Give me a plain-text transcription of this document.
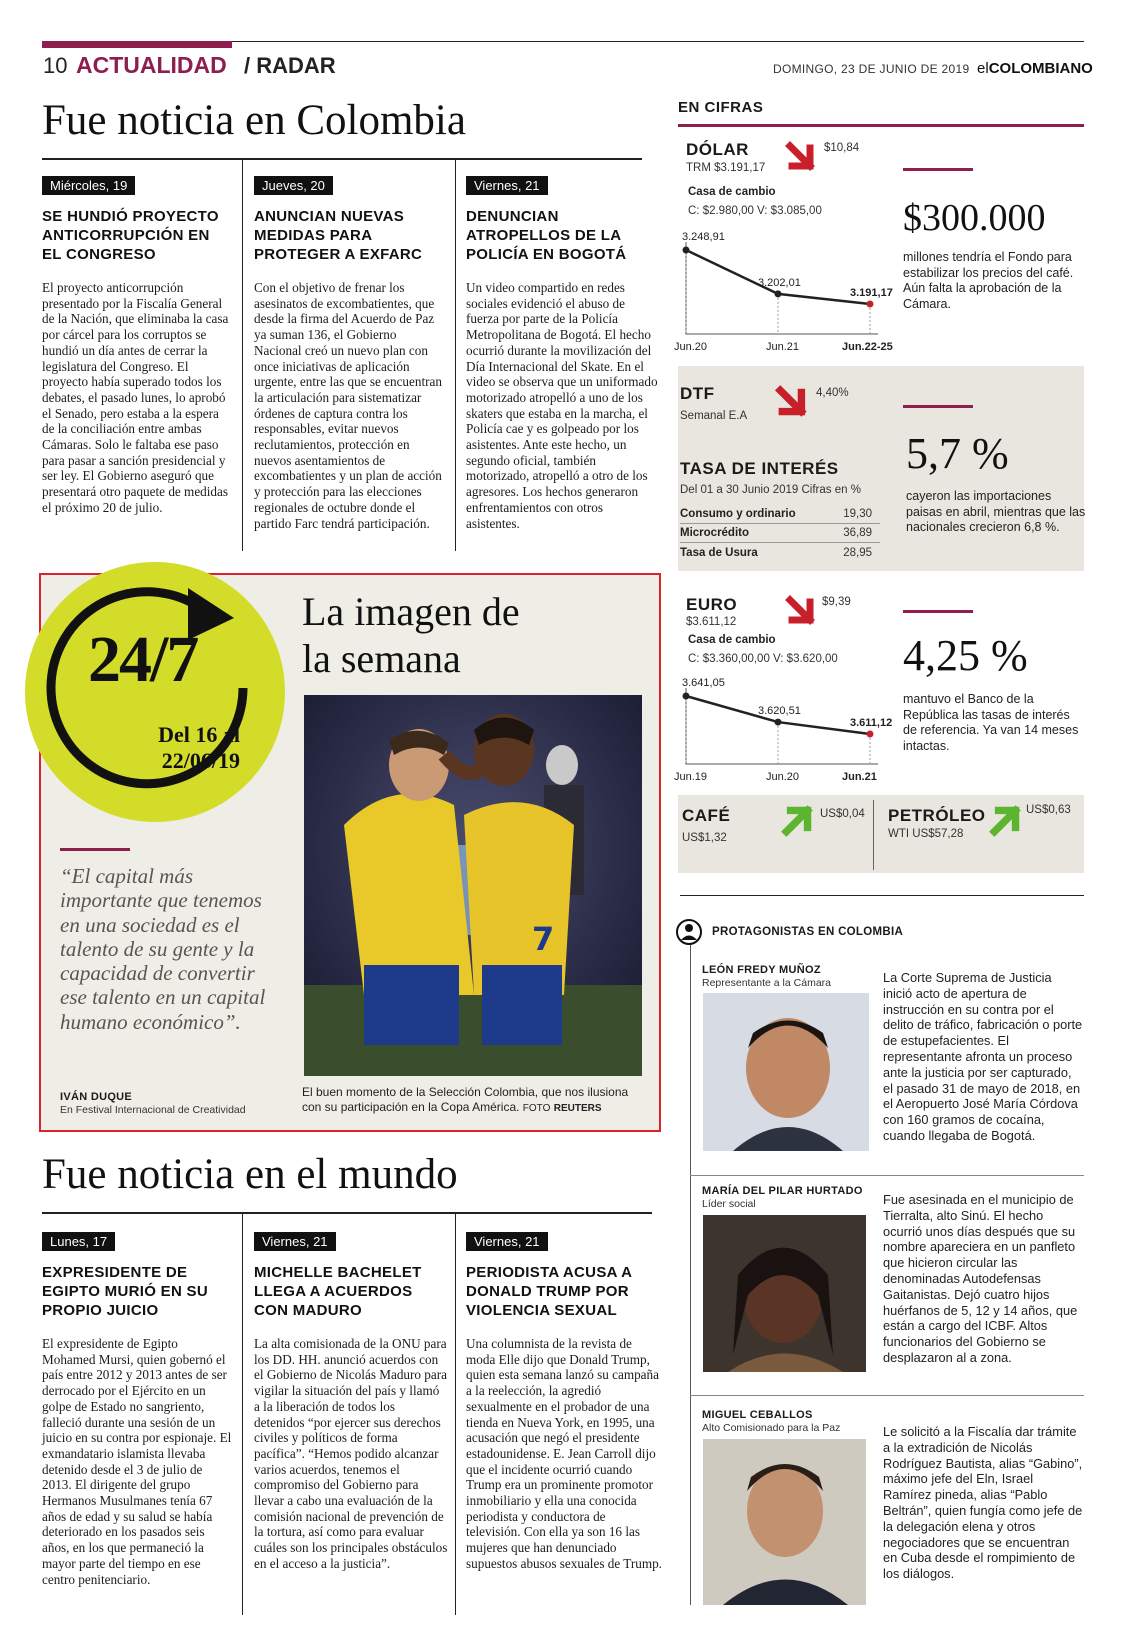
10 ACTUALIDAD / RADAR	DOMINGO, 23 DE JUNIO DE 2019 elCOLOMBIANO
Fue noticia en Colombia
Miércoles, 19
SE HUNDIÓ PROYECTO ANTICORRUPCIÓN EN EL CONGRESO
El proyecto anticorrupción presentado por la Fiscalía General de la Nación, que eliminaba la casa por cárcel para los corruptos se hundió un día antes de cerrar la legislatura del Congreso. El proyecto había superado todos los debates, el pasado lunes, lo aprobó el Senado, pero estaba a la espera de la conciliación entre ambas Cámaras. Solo le faltaba ese paso para pasar a sanción presidencial y ser ley. El Gobierno aseguró que presentará otro paquete de medidas el próximo 20 de julio.
Jueves, 20
ANUNCIAN NUEVAS MEDIDAS PARA PROTEGER A EXFARC
Con el objetivo de frenar los asesinatos de excombatientes, que desde la firma del Acuerdo de Paz ya suman 136, el Gobierno Nacional creó un nuevo plan con once iniciativas de aplicación urgente, entre las que se encuentran la articulación para sistematizar órdenes de captura contra los responsables, evitar nuevos reclutamientos, protección en nuevos asentamientos de excombatientes y un plan de acción y protección para las elecciones regionales de octubre donde el partido Farc tendrá participación.
Viernes, 21
DENUNCIAN ATROPELLOS DE LA POLICÍA EN BOGOTÁ
Un video compartido en redes sociales evidenció el abuso de fuerza por parte de la Policía Metropolitana de Bogotá. El hecho ocurrió durante la movilización del Día Internacional del Skate. En el video se observa que un uniformado motorizado atropelló a uno de los skaters que estaba en la marcha, el Policía cae y es golpeado por los asistentes. Ante este hecho, un segundo oficial, también motorizado, atropelló a otro de los agresores. Los hechos generaron enfrentamientos con otros asistentes.
EN CIFRAS
DÓLAR
TRM $3.191,17
$10,84
Casa de cambio
C: $2.980,00 V: $3.085,00
3.248,91
Jun.20
3.202,01
Jun.21
3.191,17
Jun.22-25
$300.000
millones tendría el Fondo para estabilizar los precios del café. Aún falta la aprobación de la Cámara.
DTF
Semanal E.A
4,40%
TASA DE INTERÉS
Del 01 a 30 Junio 2019 Cifras en %
Consumo y ordinario	19,30
Microcrédito	36,89
Tasa de Usura	28,95
5,7 %
cayeron las importaciones paisas en abril, mientras que las nacionales crecieron 6,8 %.
EURO
$3.611,12
$9,39
Casa de cambio
C: $3.360,00,00 V: $3.620,00
3.641,05
Jun.19
3.620,51
Jun.20
3.611,12
Jun.21
4,25 %
mantuvo el Banco de la República las tasas de interés de referencia. Ya van 14 meses intactas.
CAFÉ
US$1,32
US$0,04 PETRÓLEO
WTI US$57,28
US$0,63
24/7
Del 16 al
22/06/19
La imagen de
la semana
“El capital más importante que tenemos en una sociedad es el talento de su gente y la capacidad de convertir ese talento en un capital humano económico”.
IVÁN DUQUE
En Festival Internacional de Creatividad
7
El buen momento de la Selección Colombia, que nos ilusiona con su participación en la Copa América. FOTO REUTERS
Fue noticia en el mundo
Lunes, 17
EXPRESIDENTE DE EGIPTO MURIÓ EN SU PROPIO JUICIO
El expresidente de Egipto Mohamed Mursi, quien gobernó el país entre 2012 y 2013 antes de ser derrocado por el Ejército en un golpe de Estado no sangriento, falleció durante una sesión de un juicio en su contra por espionaje. El exmandatario islamista llevaba detenido desde el 3 de julio de 2013. El dirigente del grupo Hermanos Musulmanes tenía 67 años de edad y su salud se había deteriorado en los pasados seis años, en los que permaneció la mayor parte del tiempo en ese centro penitenciario.
Viernes, 21
MICHELLE BACHELET LLEGA A ACUERDOS CON MADURO
La alta comisionada de la ONU para los DD. HH. anunció acuerdos con el Gobierno de Nicolás Maduro para vigilar la situación del país y llamó a la liberación de todos los detenidos “por ejercer sus derechos civiles y políticos de forma pacífica”. “Hemos podido alcanzar varios acuerdos, tenemos el compromiso del Gobierno para llevar a cabo una evaluación de la comisión nacional de prevención de la tortura, así como para evaluar cuáles son los principales obstáculos en el acceso a la justicia”.
Viernes, 21
PERIODISTA ACUSA A DONALD TRUMP POR VIOLENCIA SEXUAL
Una columnista de la revista de moda Elle dijo que Donald Trump, quien esta semana lanzó su campaña a la reelección, la agredió sexualmente en el probador de una tienda en Nueva York, en 1995, una acusación que negó el presidente estadounidense. E. Jean Carroll dijo que el incidente ocurrió cuando Trump era un prominente promotor inmobiliario y ella una conocida periodista y conductora de televisión. Con ella ya son 16 las mujeres que han denunciado supuestos abusos sexuales de Trump.
PROTAGONISTAS EN COLOMBIA
LEÓN FREDY MUÑOZ
Representante a la Cámara	La Corte Suprema de Justicia inició acto de apertura de instrucción en su contra por el delito de tráfico, fabricación o porte de estupefacientes. El representante afronta un proceso ante la justicia por ser capturado, el pasado 31 de mayo de 2018, en el Aeropuerto José María Córdova con 160 gramos de cocaína, cuando llegaba de Bogotá.
MARÍA DEL PILAR HURTADO
Líder social	Fue asesinada en el municipio de Tierralta, alto Sinú. El hecho ocurrió unos días después que su nombre apareciera en un panfleto que hicieron circular las denominadas Autodefensas Gaitanistas. Dejó cuatro hijos huérfanos de 5, 12 y 14 años, que están a cargo del ICBF. Altos funcionarios del Gobierno se desplazaron al a zona.
MIGUEL CEBALLOS
Alto Comisionado para la Paz	Le solicitó a la Fiscalía dar trámite a la extradición de Nicolás Rodríguez Bautista, alias “Gabino”, máximo jefe del Eln, Israel Ramírez pineda, alias “Pablo Beltrán”, quien fungía como jefe de la delegación elena y otros negociadores que se encuentran en Cuba desde el rompimiento de los diálogos.
